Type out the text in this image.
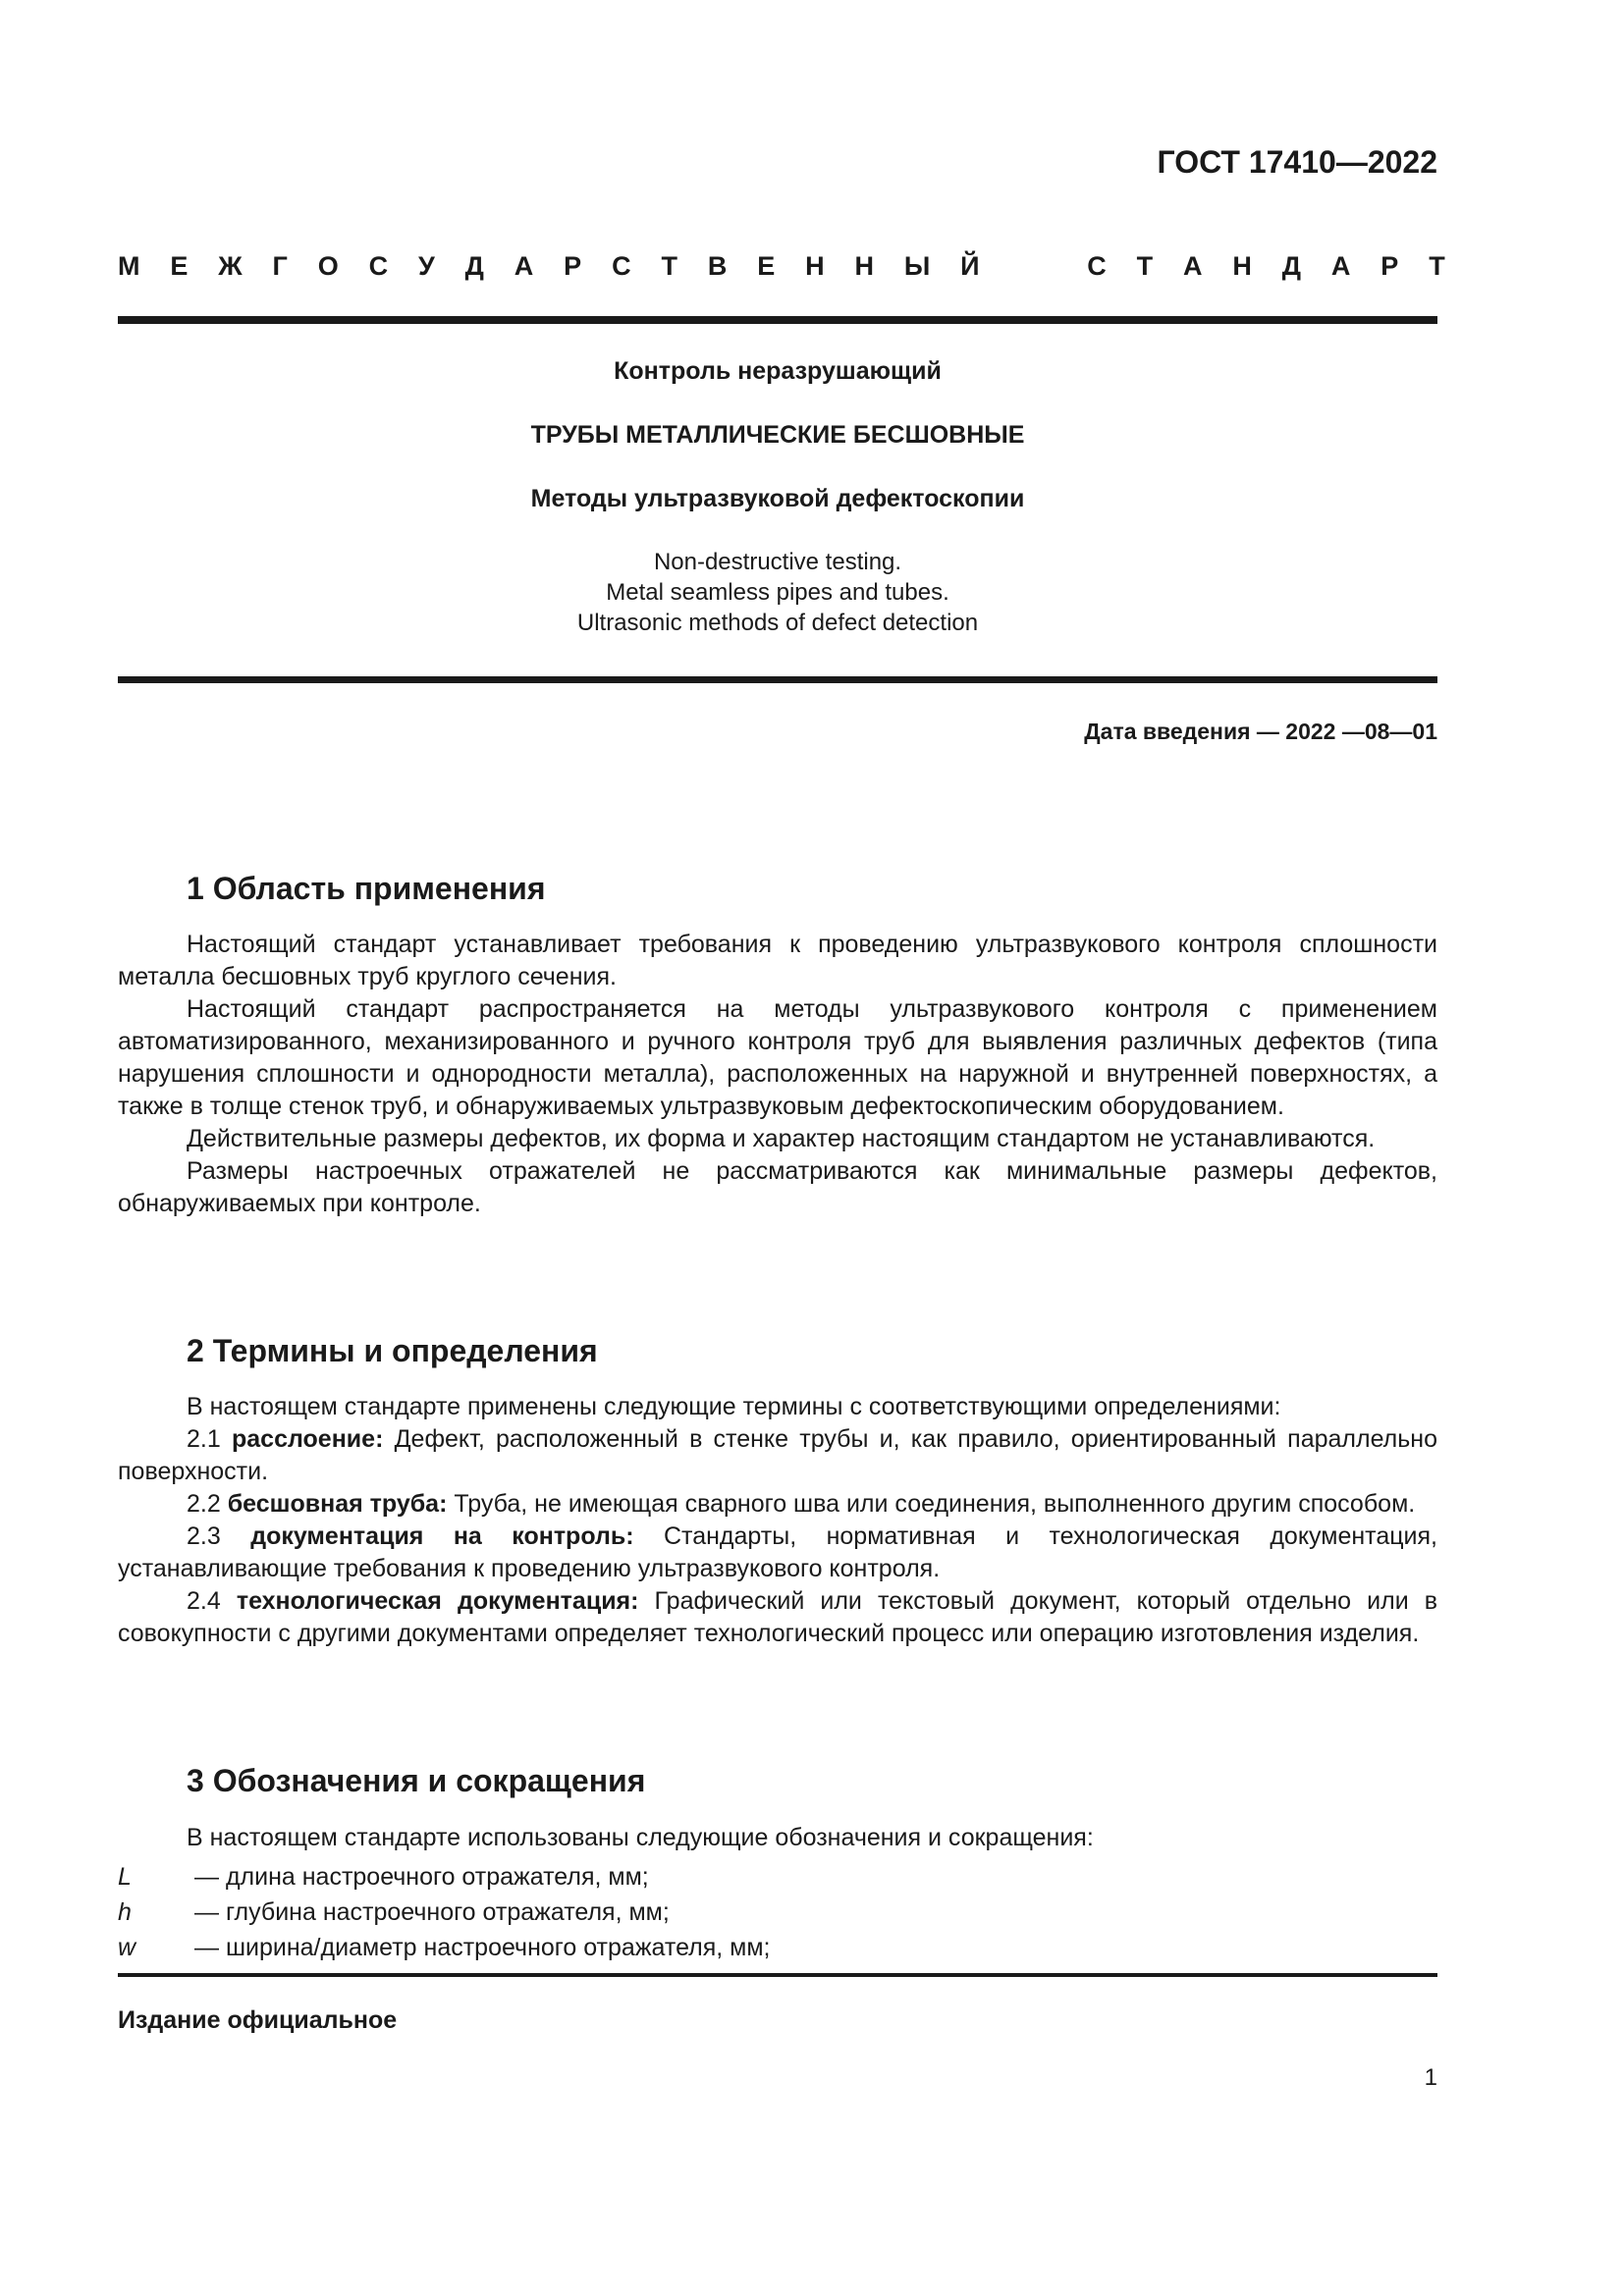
ГОСТ 17410—2022
М Е Ж Г О С У Д А Р С Т В Е Н Н Ы Й	С Т А Н Д А Р Т
Контроль неразрушающий
ТРУБЫ МЕТАЛЛИЧЕСКИЕ БЕСШОВНЫЕ
Методы ультразвуковой дефектоскопии
Non-destructive testing.
Metal seamless pipes and tubes.
Ultrasonic methods of defect detection
Дата введения — 2022 —08—01
1 Область применения
Настоящий стандарт устанавливает требования к проведению ультразвукового контроля сплошности металла бесшовных труб круглого сечения.
Настоящий стандарт распространяется на методы ультразвукового контроля с применением автоматизированного, механизированного и ручного контроля труб для выявления различных дефектов (типа нарушения сплошности и однородности металла), расположенных на наружной и внутренней поверхностях, а также в толще стенок труб, и обнаруживаемых ультразвуковым дефектоскопическим оборудованием.
Действительные размеры дефектов, их форма и характер настоящим стандартом не устанавливаются.
Размеры настроечных отражателей не рассматриваются как минимальные размеры дефектов, обнаруживаемых при контроле.
2 Термины и определения
В настоящем стандарте применены следующие термины с соответствующими определениями:
2.1 расслоение: Дефект, расположенный в стенке трубы и, как правило, ориентированный параллельно поверхности.
2.2 бесшовная труба: Труба, не имеющая сварного шва или соединения, выполненного другим способом.
2.3 документация на контроль: Стандарты, нормативная и технологическая документация, устанавливающие требования к проведению ультразвукового контроля.
2.4 технологическая документация: Графический или текстовый документ, который отдельно или в совокупности с другими документами определяет технологический процесс или операцию изготовления изделия.
3 Обозначения и сокращения
В настоящем стандарте использованы следующие обозначения и сокращения:
L	— длина настроечного отражателя, мм;
h	— глубина настроечного отражателя, мм;
w — ширина/диаметр настроечного отражателя, мм;
Издание официальное
1
